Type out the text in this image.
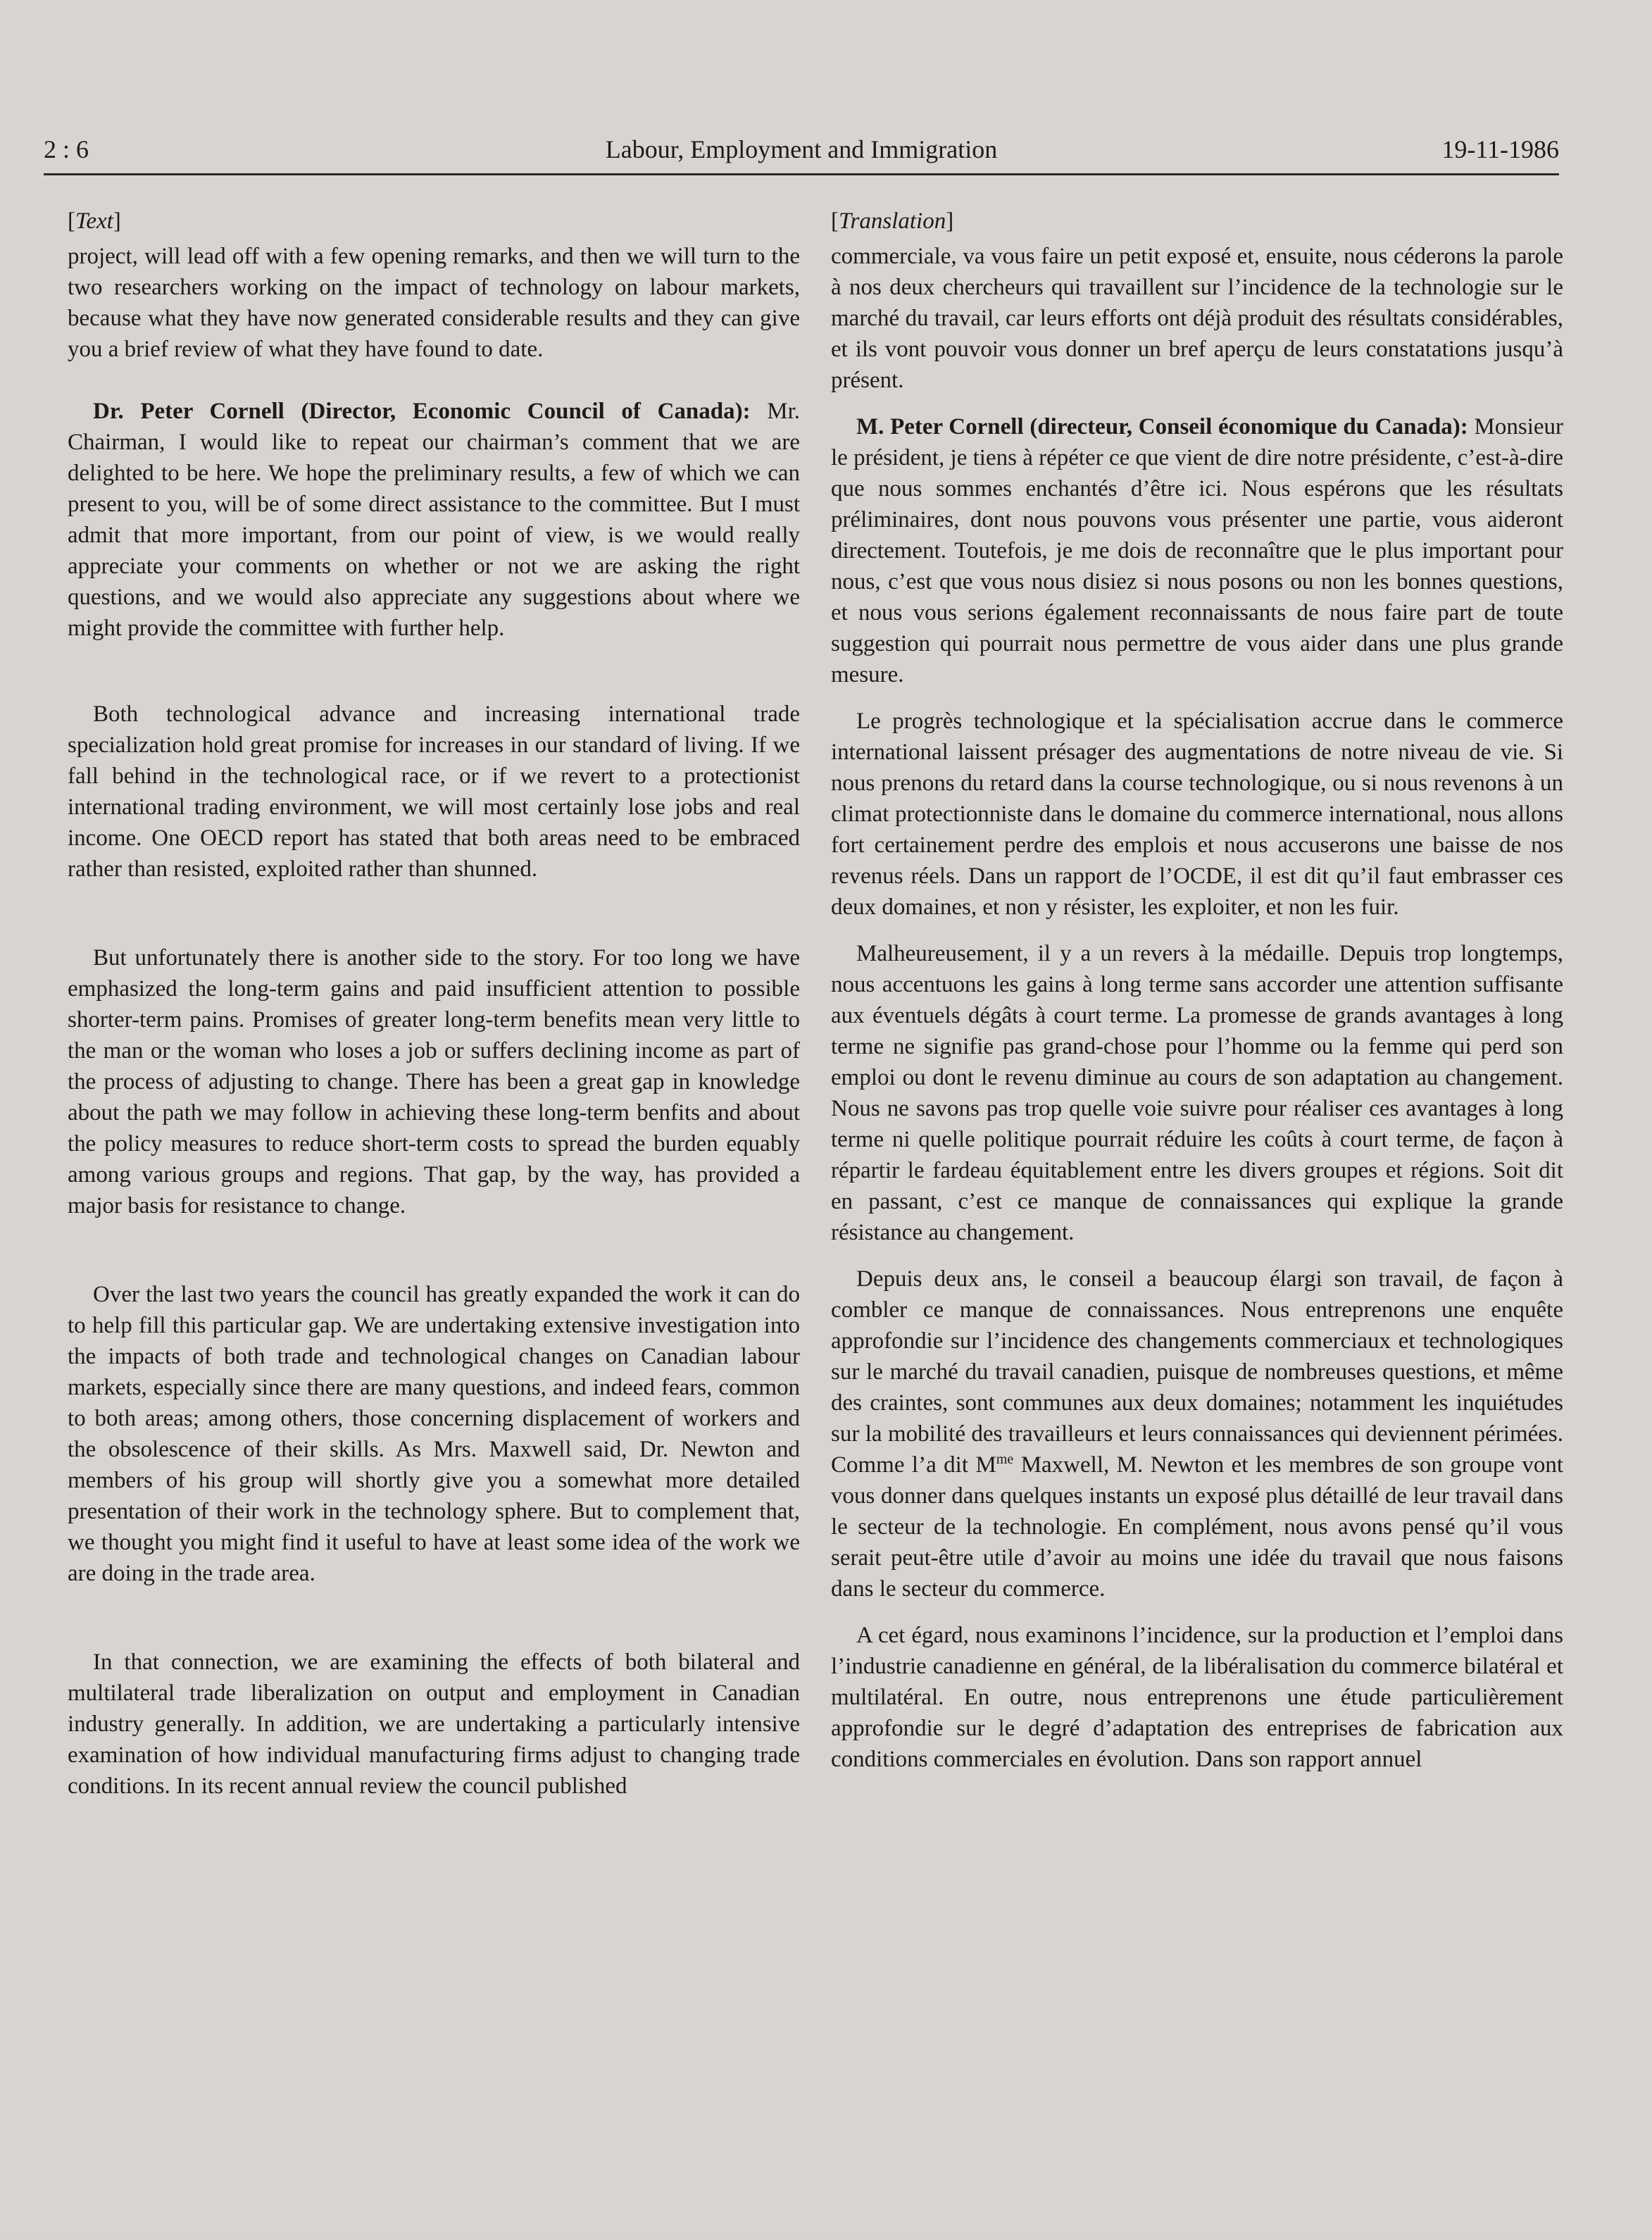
2 : 6	Labour, Employment and Immigration	19-11-1986
[Text]

project, will lead off with a few opening remarks, and then we will turn to the two researchers working on the impact of technology on labour markets, because what they have now generated considerable results and they can give you a brief review of what they have found to date.

Dr. Peter Cornell (Director, Economic Council of Canada): Mr. Chairman, I would like to repeat our chairman’s comment that we are delighted to be here. We hope the preliminary results, a few of which we can present to you, will be of some direct assistance to the committee. But I must admit that more important, from our point of view, is we would really appreciate your comments on whether or not we are asking the right questions, and we would also appreciate any suggestions about where we might provide the committee with further help.

Both technological advance and increasing international trade specialization hold great promise for increases in our standard of living. If we fall behind in the technological race, or if we revert to a protectionist international trading environment, we will most certainly lose jobs and real income. One OECD report has stated that both areas need to be embraced rather than resisted, exploited rather than shunned.

But unfortunately there is another side to the story. For too long we have emphasized the long-term gains and paid insufficient attention to possible shorter-term pains. Promises of greater long-term benefits mean very little to the man or the woman who loses a job or suffers declining income as part of the process of adjusting to change. There has been a great gap in knowledge about the path we may follow in achieving these long-term benfits and about the policy measures to reduce short-term costs to spread the burden equably among various groups and regions. That gap, by the way, has provided a major basis for resistance to change.

Over the last two years the council has greatly expanded the work it can do to help fill this particular gap. We are undertaking extensive investigation into the impacts of both trade and technological changes on Canadian labour markets, especially since there are many questions, and indeed fears, common to both areas; among others, those concerning displacement of workers and the obsolescence of their skills. As Mrs. Maxwell said, Dr. Newton and members of his group will shortly give you a somewhat more detailed presentation of their work in the technology sphere. But to complement that, we thought you might find it useful to have at least some idea of the work we are doing in the trade area.

In that connection, we are examining the effects of both bilateral and multilateral trade liberalization on output and employment in Canadian industry generally. In addition, we are undertaking a particularly intensive examination of how individual manufacturing firms adjust to changing trade conditions. In its recent annual review the council published

[Translation]

commerciale, va vous faire un petit exposé et, ensuite, nous céderons la parole à nos deux chercheurs qui travaillent sur l’incidence de la technologie sur le marché du travail, car leurs efforts ont déjà produit des résultats considérables, et ils vont pouvoir vous donner un bref aperçu de leurs constatations jusqu’à présent.

M. Peter Cornell (directeur, Conseil économique du Canada): Monsieur le président, je tiens à répéter ce que vient de dire notre présidente, c’est-à-dire que nous sommes enchantés d’être ici. Nous espérons que les résultats préliminaires, dont nous pouvons vous présenter une partie, vous aideront directement. Toutefois, je me dois de reconnaître que le plus important pour nous, c’est que vous nous disiez si nous posons ou non les bonnes questions, et nous vous serions également reconnaissants de nous faire part de toute suggestion qui pourrait nous permettre de vous aider dans une plus grande mesure.

Le progrès technologique et la spécialisation accrue dans le commerce international laissent présager des augmentations de notre niveau de vie. Si nous prenons du retard dans la course technologique, ou si nous revenons à un climat protectionniste dans le domaine du commerce international, nous allons fort certainement perdre des emplois et nous accuserons une baisse de nos revenus réels. Dans un rapport de l’OCDE, il est dit qu’il faut embrasser ces deux domaines, et non y résister, les exploiter, et non les fuir.

Malheureusement, il y a un revers à la médaille. Depuis trop longtemps, nous accentuons les gains à long terme sans accorder une attention suffisante aux éventuels dégâts à court terme. La promesse de grands avantages à long terme ne signifie pas grand-chose pour l’homme ou la femme qui perd son emploi ou dont le revenu diminue au cours de son adaptation au changement. Nous ne savons pas trop quelle voie suivre pour réaliser ces avantages à long terme ni quelle politique pourrait réduire les coûts à court terme, de façon à répartir le fardeau équitablement entre les divers groupes et régions. Soit dit en passant, c’est ce manque de connaissances qui explique la grande résistance au changement.

Depuis deux ans, le conseil a beaucoup élargi son travail, de façon à combler ce manque de connaissances. Nous entreprenons une enquête approfondie sur l’incidence des changements commerciaux et technologiques sur le marché du travail canadien, puisque de nombreuses questions, et même des craintes, sont communes aux deux domaines; notamment les inquiétudes sur la mobilité des travailleurs et leurs connaissances qui deviennent périmées. Comme l’a dit $M^{me}$ Maxwell, M. Newton et les membres de son groupe vont vous donner dans quelques instants un exposé plus détaillé de leur travail dans le secteur de la technologie. En complément, nous avons pensé qu’il vous serait peut-être utile d’avoir au moins une idée du travail que nous faisons dans le secteur du commerce.

A cet égard, nous examinons l’incidence, sur la production et l’emploi dans l’industrie canadienne en général, de la libéralisation du commerce bilatéral et multilatéral. En outre, nous entreprenons une étude particulièrement approfondie sur le degré d’adaptation des entreprises de fabrication aux conditions commerciales en évolution. Dans son rapport annuel
